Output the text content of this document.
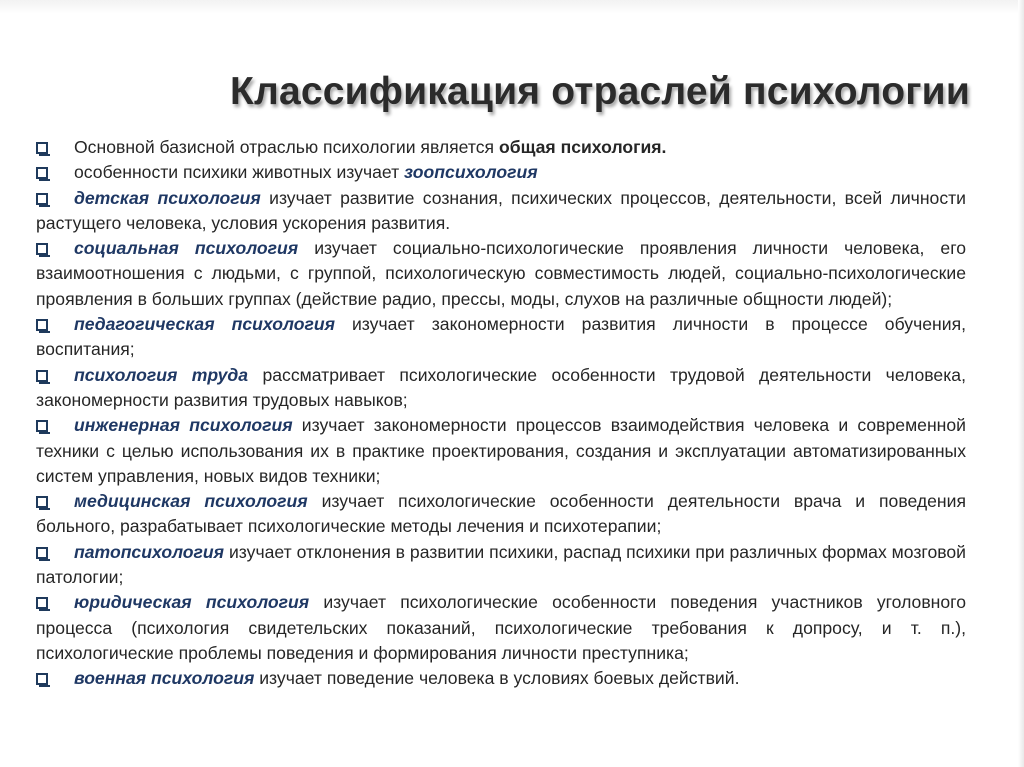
Классификация отраслей психологии
Основной базисной отраслью психологии является общая психология.
особенности психики животных изучает зоопсихология
детская психология изучает развитие сознания, психических процессов, деятельности, всей личности растущего человека, условия ускорения развития.
социальная психология изучает социально-психологические проявления личности человека, его взаимоотношения с людьми, с группой, психологическую совместимость людей, социально-психологические проявления в больших группах (действие радио, прессы, моды, слухов на различные общности людей);
педагогическая психология изучает закономерности развития личности в процессе обучения, воспитания;
психология труда рассматривает психологические особенности трудовой деятельности человека, закономерности развития трудовых навыков;
инженерная психология изучает закономерности процессов взаимодействия человека и современной техники с целью использования их в практике проектирования, создания и эксплуатации автоматизированных систем управления, новых видов техники;
медицинская психология изучает психологические особенности деятельности врача и поведения больного, разрабатывает психологические методы лечения и психотерапии;
патопсихология изучает отклонения в развитии психики, распад психики при различных формах мозговой патологии;
юридическая психология изучает психологические особенности поведения участников уголовного процесса (психология свидетельских показаний, психологические требования к допросу, и т. п.), психологические проблемы поведения и формирования личности преступника;
военная психология изучает поведение человека в условиях боевых действий.
